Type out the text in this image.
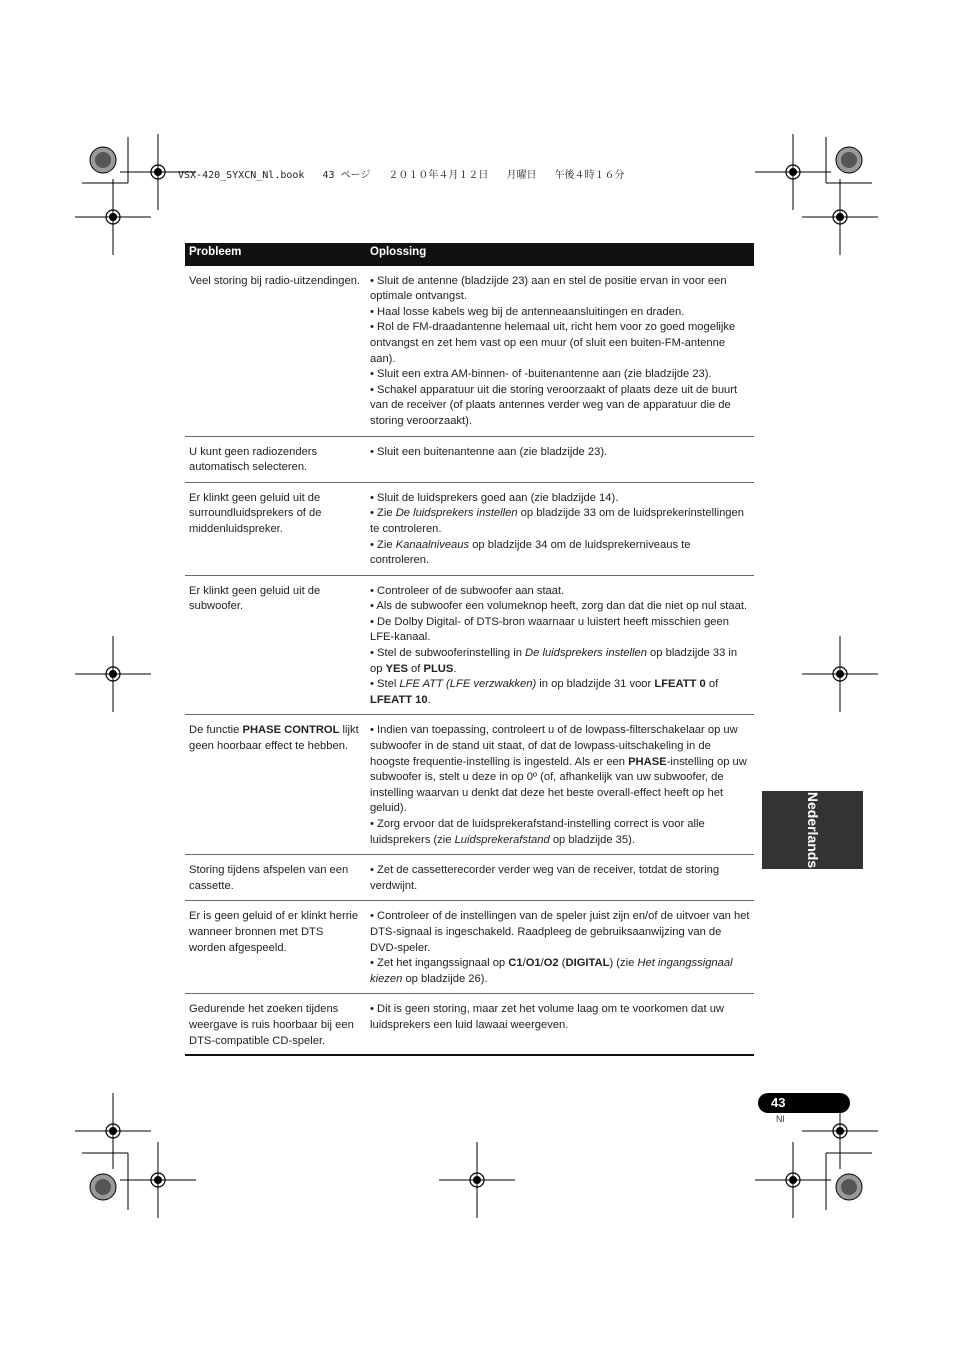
VSX-420_SYXCN_Nl.book   43 ページ   ２０１０年４月１２日   月曜日   午後４時１６分
Probleem	Oplossing
Veel storing bij radio-uitzendingen.	• Sluit de antenne (bladzijde 23) aan en stel de positie ervan in voor een optimale ontvangst.
• Haal losse kabels weg bij de antenneaansluitingen en draden.
• Rol de FM-draadantenne helemaal uit, richt hem voor zo goed mogelijke ontvangst en zet hem vast op een muur (of sluit een buiten-FM-antenne aan).
• Sluit een extra AM-binnen- of -buitenantenne aan (zie bladzijde 23).
• Schakel apparatuur uit die storing veroorzaakt of plaats deze uit de buurt van de receiver (of plaats antennes verder weg van de apparatuur die de storing veroorzaakt).

U kunt geen radiozenders automatisch selecteren.	• Sluit een buitenantenne aan (zie bladzijde 23).

Er klinkt geen geluid uit de surroundluidsprekers of de middenluidspreker.	• Sluit de luidsprekers goed aan (zie bladzijde 14).
• Zie De luidsprekers instellen op bladzijde 33 om de luidsprekerinstellingen te controleren.
• Zie Kanaalniveaus op bladzijde 34 om de luidsprekerniveaus te controleren.

Er klinkt geen geluid uit de subwoofer.	• Controleer of de subwoofer aan staat.
• Als de subwoofer een volumeknop heeft, zorg dan dat die niet op nul staat.
• De Dolby Digital- of DTS-bron waarnaar u luistert heeft misschien geen LFE-kanaal.
• Stel de subwooferinstelling in De luidsprekers instellen op bladzijde 33 in op YES of PLUS.
• Stel LFE ATT (LFE verzwakken) in op bladzijde 31 voor LFEATT 0 of LFEATT 10.

De functie PHASE CONTROL lijkt geen hoorbaar effect te hebben.	• Indien van toepassing, controleert u of de lowpass-filterschakelaar op uw subwoofer in de stand uit staat, of dat de lowpass-uitschakeling in de hoogste frequentie-instelling is ingesteld. Als er een PHASE-instelling op uw subwoofer is, stelt u deze in op 0º (of, afhankelijk van uw subwoofer, de instelling waarvan u denkt dat deze het beste overall-effect heeft op het geluid).
• Zorg ervoor dat de luidsprekerafstand-instelling correct is voor alle luidsprekers (zie Luidsprekerafstand op bladzijde 35).

Storing tijdens afspelen van een cassette.	• Zet de cassetterecorder verder weg van de receiver, totdat de storing verdwijnt.

Er is geen geluid of er klinkt herrie wanneer bronnen met DTS worden afgespeeld.	• Controleer of de instellingen van de speler juist zijn en/of de uitvoer van het DTS-signaal is ingeschakeld. Raadpleeg de gebruiksaanwijzing van de DVD-speler.
• Zet het ingangssignaal op C1/O1/O2 (DIGITAL) (zie Het ingangssignaal kiezen op bladzijde 26).

Gedurende het zoeken tijdens weergave is ruis hoorbaar bij een DTS-compatible CD-speler.	• Dit is geen storing, maar zet het volume laag om te voorkomen dat uw luidsprekers een luid lawaai weergeven.
Nederlands
43
Nl
